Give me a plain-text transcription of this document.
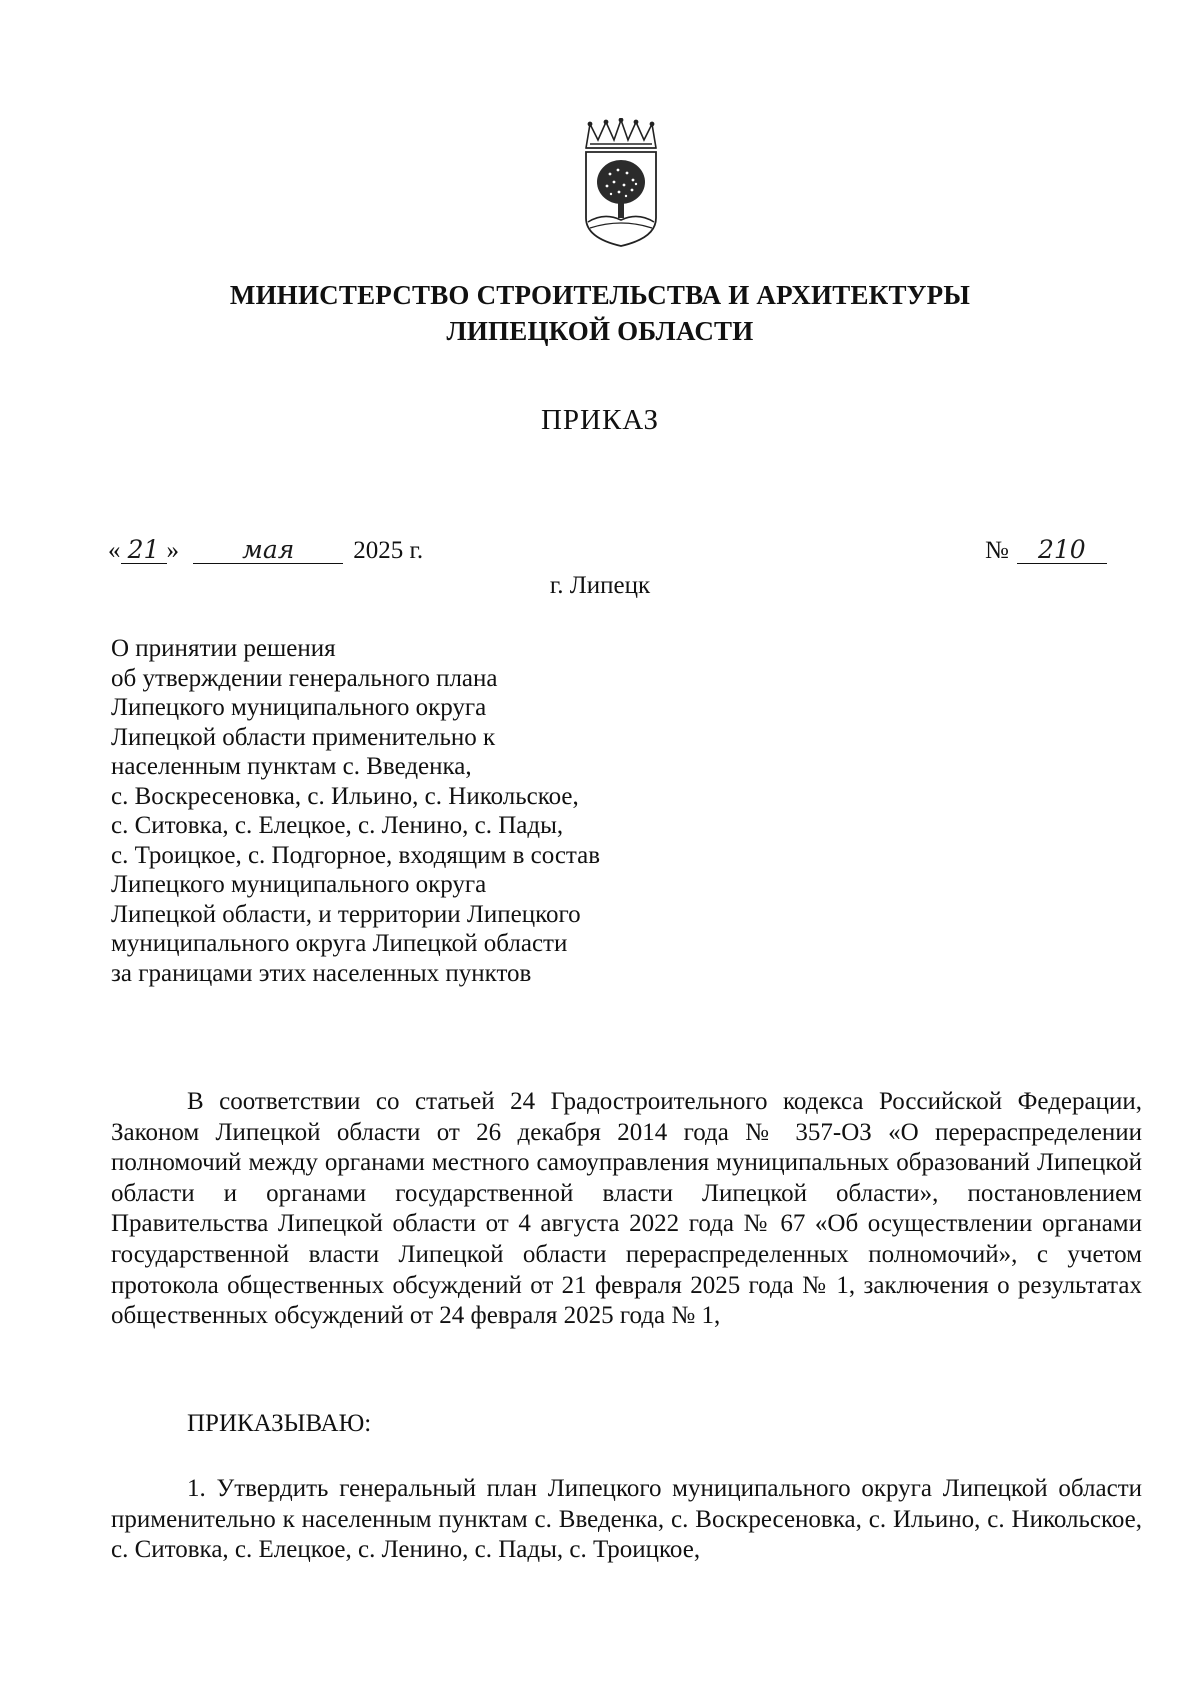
МИНИСТЕРСТВО СТРОИТЕЛЬСТВА И АРХИТЕКТУРЫ
ЛИПЕЦКОЙ ОБЛАСТИ
ПРИКАЗ
« 21 »	мая 2025 г.	№ 210
г. Липецк
О принятии решения
об утверждении генерального плана
Липецкого муниципального округа
Липецкой области применительно к
населенным пунктам с. Введенка,
с. Воскресеновка, с. Ильино, с. Никольское,
с. Ситовка, с. Елецкое, с. Ленино, с. Пады,
с. Троицкое, с. Подгорное, входящим в состав
Липецкого муниципального округа
Липецкой области, и территории Липецкого
муниципального округа Липецкой области
за границами этих населенных пунктов
В соответствии со статьей 24 Градостроительного кодекса Российской Федерации, Законом Липецкой области от 26 декабря 2014 года № 357-ОЗ «О перераспределении полномочий между органами местного самоуправления муниципальных образований Липецкой области и органами государственной власти Липецкой области», постановлением Правительства Липецкой области от 4 августа 2022 года № 67 «Об осуществлении органами государственной власти Липецкой области перераспределенных полномочий», с учетом протокола общественных обсуждений от 21 февраля 2025 года № 1, заключения о результатах общественных обсуждений от 24 февраля 2025 года № 1,
ПРИКАЗЫВАЮ:
1. Утвердить генеральный план Липецкого муниципального округа Липецкой области применительно к населенным пунктам с. Введенка, с. Воскресеновка, с. Ильино, с. Никольское, с. Ситовка, с. Елецкое, с. Ленино, с. Пады, с. Троицкое,
